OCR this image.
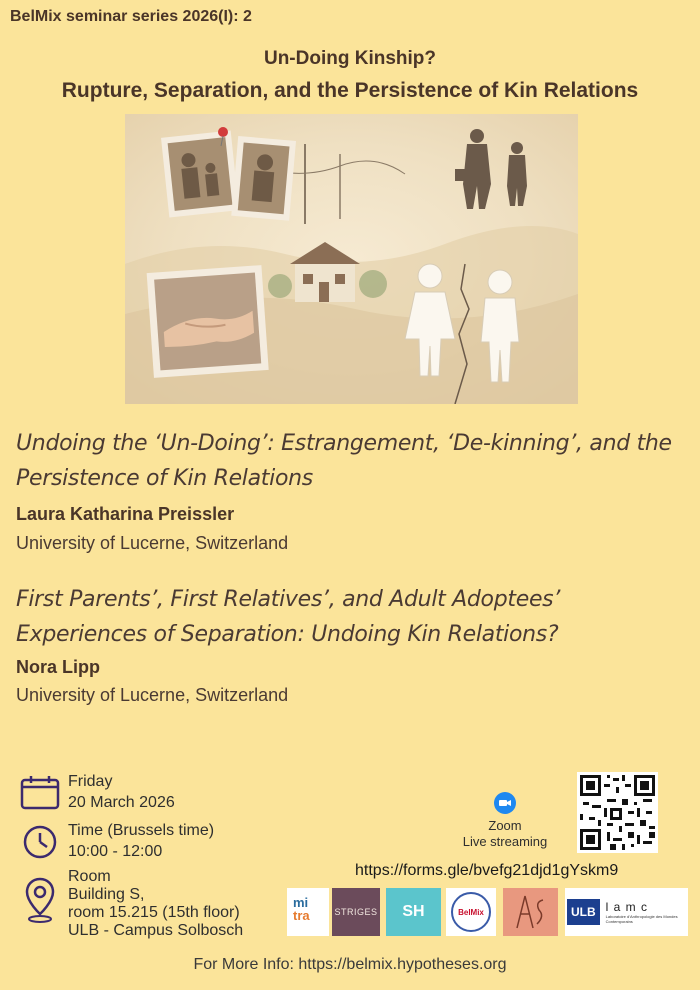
BelMix seminar series 2026(I): 2
Un-Doing Kinship?
Rupture, Separation, and the Persistence of Kin Relations
Undoing the ‘Un-Doing’: Estrangement, ‘De-kinning’, and the
Persistence of Kin Relations
Laura Katharina Preissler
University of Lucerne, Switzerland
First Parents’, First Relatives’, and Adult Adoptees’
Experiences of Separation: Undoing Kin Relations?
Nora Lipp
University of Lucerne, Switzerland
Friday
20 March 2026
Time (Brussels time)
10:00 - 12:00
Room
Building S,
room 15.215 (15th floor)
ULB - Campus Solbosch
Zoom
Live streaming
https://forms.gle/bvefg21djd1gYskm9
mi
tra	STRIGES SH	BelMix	ULB l a m c
Laboratoire d'Anthropologie des Mondes Contemporains
For More Info: https://belmix.hypotheses.org
